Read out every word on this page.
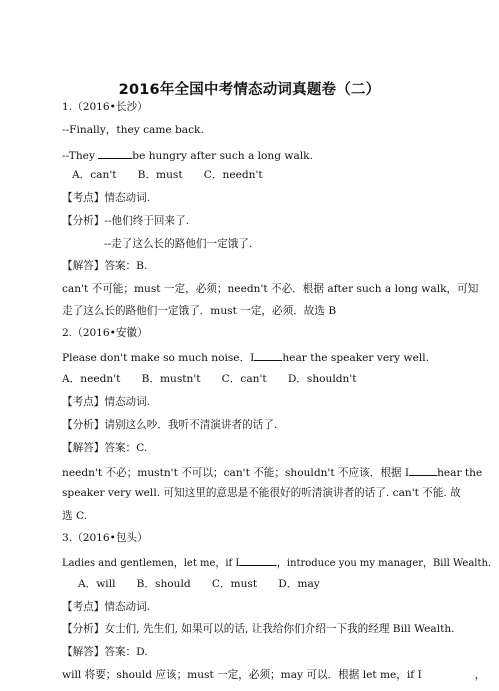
2016年全国中考情态动词真题卷（二）
1.（2016•长沙）
--Finally，they came back.
--They	be hungry after such a long walk.
A．can't　　B．must　　C．needn't
【考点】情态动词.
【分析】--他们终于回来了.
--走了这么长的路他们一定饿了.
【解答】答案：B.
can't 不可能；must 一定，必须；needn't 不必．根据 after such a long walk，可知
走了这么长的路他们一定饿了．must 一定，必须．故选 B
2.（2016•安徽）
Please don't make so much noise．I	hear the speaker very well.
A．needn't　　B．mustn't　　C．can't　　D．shouldn't
【考点】情态动词.
【分析】请别这么吵．我听不清演讲者的话了.
【解答】答案：C.
needn't 不必；mustn't 不可以；can't 不能；shouldn't 不应该．根据 I	hear the
speaker very well. 可知这里的意思是不能很好的听清演讲者的话了. can't 不能. 故
选 C.
3.（2016•包头）
Ladies and gentlemen，let me，if I	，introduce you my manager，Bill Wealth.
A．will　　B．should　　C．must　　D．may
【考点】情态动词.
【分析】女士们, 先生们, 如果可以的话, 让我给你们介绍一下我的经理 Bill Wealth.
【解答】答案：D.
will 将要；should 应该；must 一定，必须；may 可以．根据 let me，if I　　　　　，
